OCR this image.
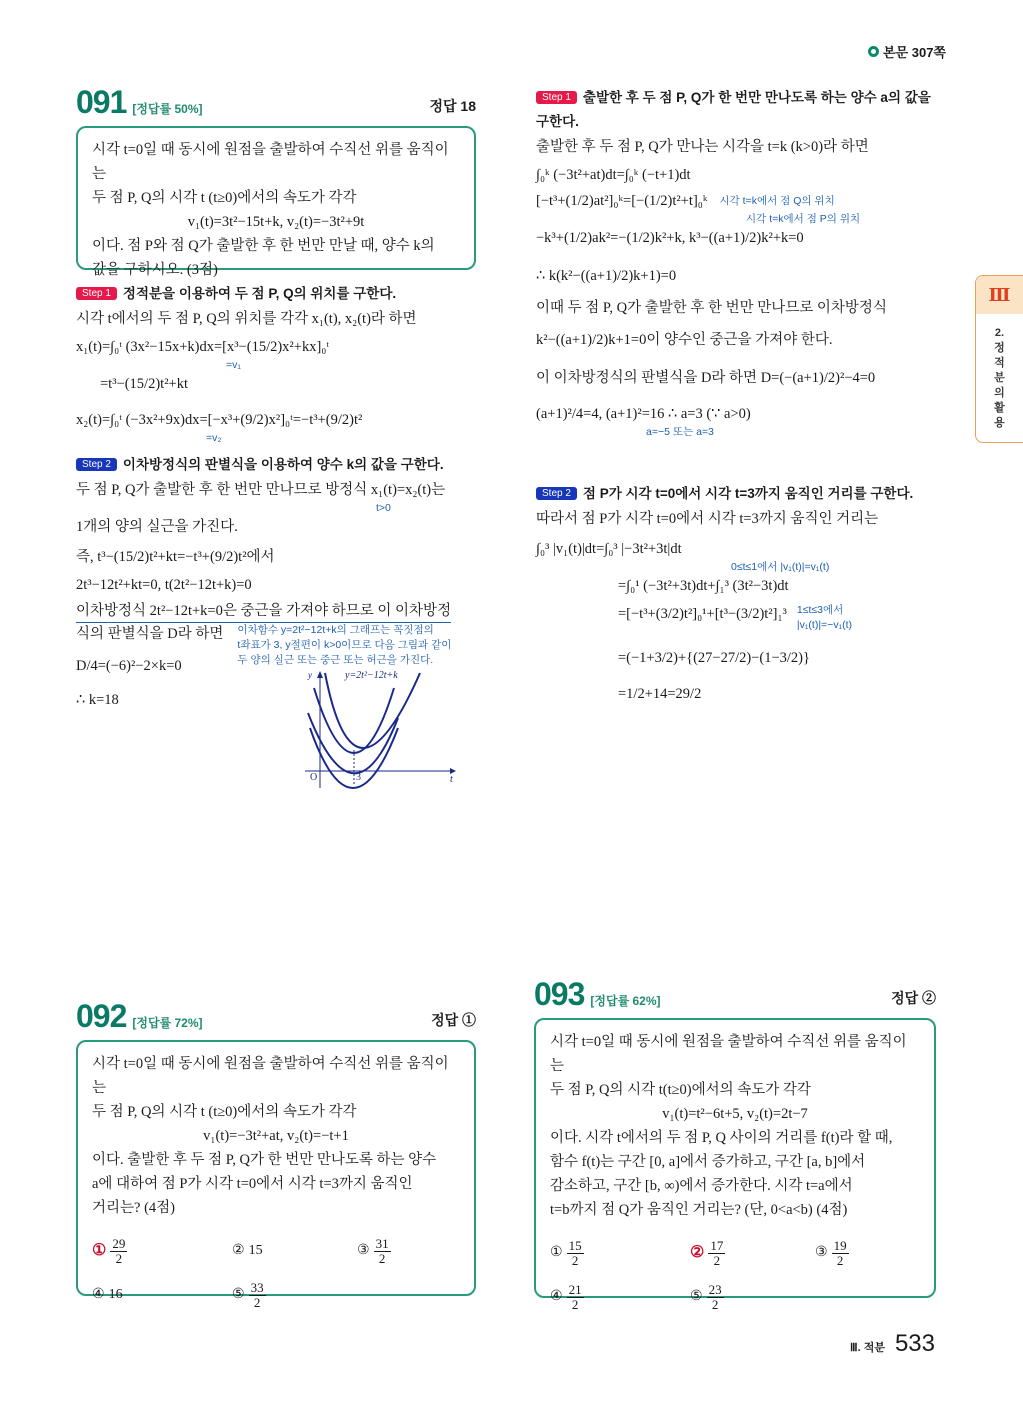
본문 307쪽
091 [정답률 50%]	정답 18
시각 t=0일 때 동시에 원점을 출발하여 수직선 위를 움직이는
두 점 P, Q의 시각 t (t≥0)에서의 속도가 각각
v₁(t)=3t²−15t+k, v₂(t)=−3t²+9t
이다. 점 P와 점 Q가 출발한 후 한 번만 만날 때, 양수 k의
값을 구하시오. (3점)
Step 1 정적분을 이용하여 두 점 P, Q의 위치를 구한다.
시각 t에서의 두 점 P, Q의 위치를 각각 x₁(t), x₂(t)라 하면
x₁(t)=∫₀ᵗ (3x²−15x+k)dx=[x³−(15/2)x²+kx]₀ᵗ
=v₁
=t³−(15/2)t²+kt
x₂(t)=∫₀ᵗ (−3x²+9x)dx=[−x³+(9/2)x²]₀ᵗ=−t³+(9/2)t²
=v₂
Step 2 이차방정식의 판별식을 이용하여 양수 k의 값을 구한다.
두 점 P, Q가 출발한 후 한 번만 만나므로 방정식 x₁(t)=x₂(t)는
t>0
1개의 양의 실근을 가진다.
즉, t³−(15/2)t²+kt=−t³+(9/2)t²에서
2t³−12t²+kt=0, t(2t²−12t+k)=0
이차방정식 2t²−12t+k=0은 중근을 가져야 하므로 이 이차방정
식의 판별식을 D라 하면
D/4=(−6)²−2×k=0
∴ k=18
이차함수 y=2t²−12t+k의 그래프는 꼭짓점의
t좌표가 3, y절편이 k>0이므로 다음 그림과 같이
두 양의 실근 또는 중근 또는 허근을 가진다.
y=2t²−12t+k
y
t
O	3
Step 1 출발한 후 두 점 P, Q가 한 번만 만나도록 하는 양수 a의 값을
구한다.
출발한 후 두 점 P, Q가 만나는 시각을 t=k (k>0)라 하면
∫₀ᵏ (−3t²+at)dt=∫₀ᵏ (−t+1)dt
[−t³+(1/2)at²]₀ᵏ=[−(1/2)t²+t]₀ᵏ 시각 t=k에서 점 Q의 위치
시각 t=k에서 점 P의 위치
−k³+(1/2)ak²=−(1/2)k²+k, k³−((a+1)/2)k²+k=0
∴ k(k²−((a+1)/2)k+1)=0
이때 두 점 P, Q가 출발한 후 한 번만 만나므로 이차방정식
k²−((a+1)/2)k+1=0이 양수인 중근을 가져야 한다.
이 이차방정식의 판별식을 D라 하면 D=(−(a+1)/2)²−4=0
(a+1)²/4=4, (a+1)²=16 ∴ a=3 (∵ a>0)
a=−5 또는 a=3
Step 2 점 P가 시각 t=0에서 시각 t=3까지 움직인 거리를 구한다.
따라서 점 P가 시각 t=0에서 시각 t=3까지 움직인 거리는
∫₀³ |v₁(t)|dt=∫₀³ |−3t²+3t|dt
0≤t≤1에서 |v₁(t)|=v₁(t)
=∫₀¹ (−3t²+3t)dt+∫₁³ (3t²−3t)dt
=[−t³+(3/2)t²]₀¹+[t³−(3/2)t²]₁³ 1≤t≤3에서
|v₁(t)|=−v₁(t)
=(−1+3/2)+{(27−27/2)−(1−3/2)}
=1/2+14=29/2
Ⅲ
2. 정적분의 활용
092 [정답률 72%]	정답 ①
시각 t=0일 때 동시에 원점을 출발하여 수직선 위를 움직이는
두 점 P, Q의 시각 t (t≥0)에서의 속도가 각각
v₁(t)=−3t²+at, v₂(t)=−t+1
이다. 출발한 후 두 점 P, Q가 한 번만 만나도록 하는 양수
a에 대하여 점 P가 시각 t=0에서 시각 t=3까지 움직인
거리는? (4점)
① $\frac{29}{2}$	② 15	③ $\frac{31}{2}$
④ 16	⑤ $\frac{33}{2}$
093 [정답률 62%]	정답 ②
시각 t=0일 때 동시에 원점을 출발하여 수직선 위를 움직이는
두 점 P, Q의 시각 t(t≥0)에서의 속도가 각각
v₁(t)=t²−6t+5, v₂(t)=2t−7
이다. 시각 t에서의 두 점 P, Q 사이의 거리를 f(t)라 할 때,
함수 f(t)는 구간 [0, a]에서 증가하고, 구간 [a, b]에서
감소하고, 구간 [b, ∞)에서 증가한다. 시각 t=a에서
t=b까지 점 Q가 움직인 거리는? (단, 0<a<b) (4점)
① $\frac{15}{2}$	② $\frac{17}{2}$	③ $\frac{19}{2}$
④ $\frac{21}{2}$	⑤ $\frac{23}{2}$
Ⅲ. 적분 533
